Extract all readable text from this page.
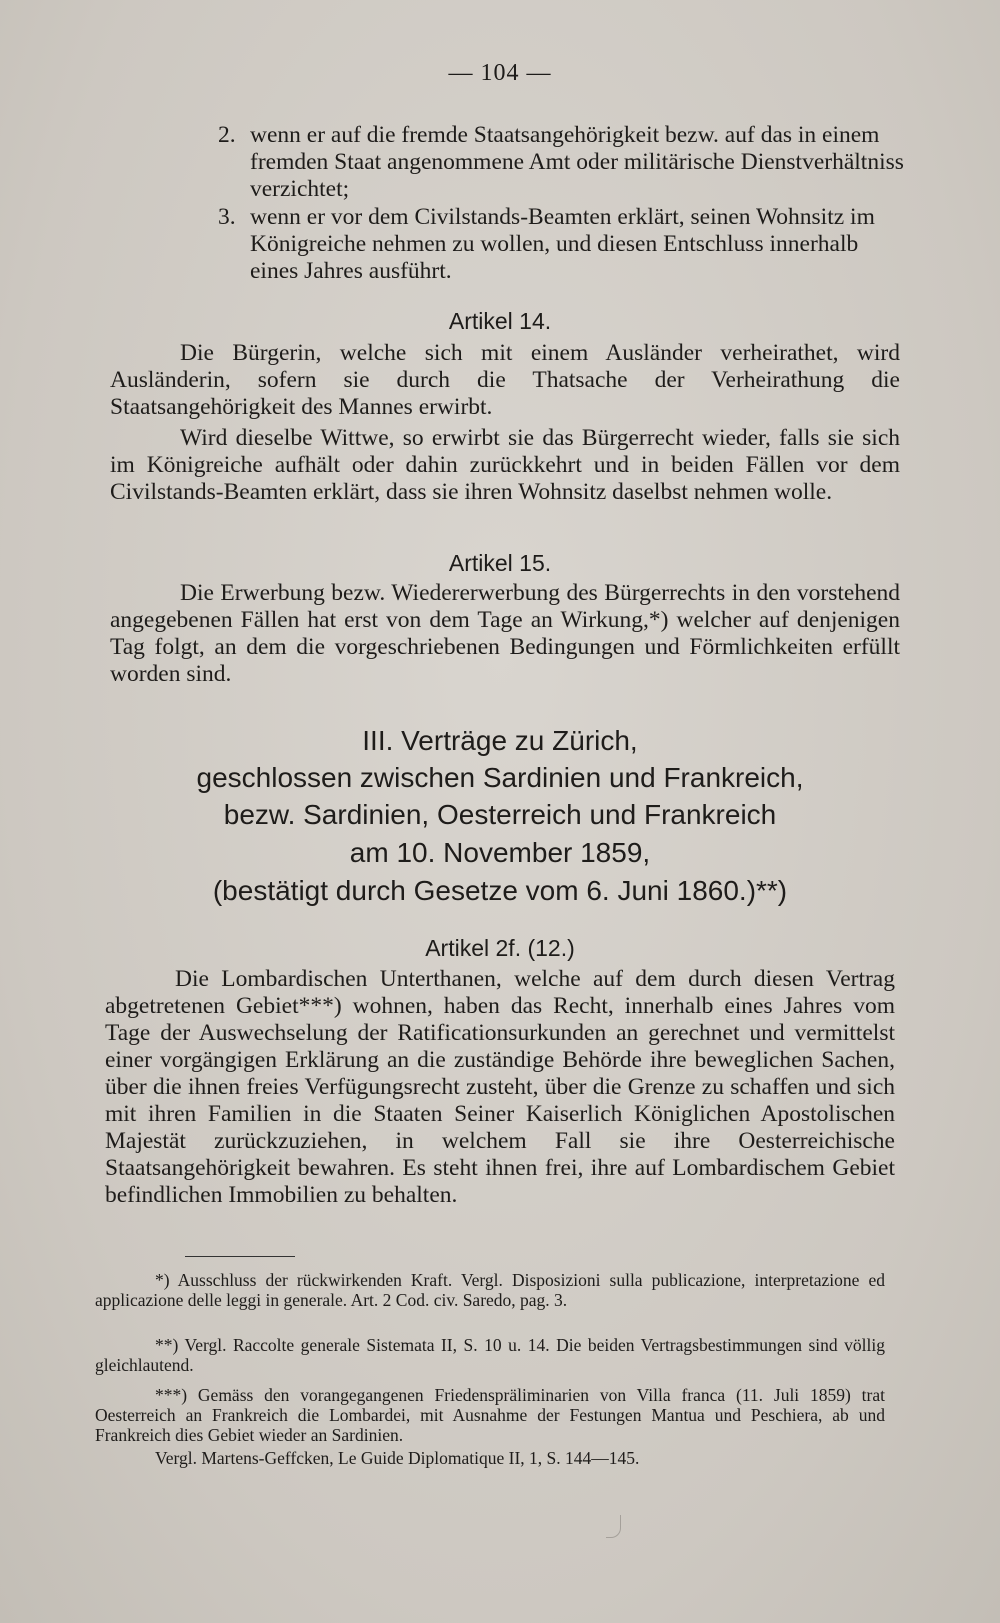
— 104 —
2. wenn er auf die fremde Staatsangehörigkeit bezw. auf das in einem fremden Staat angenommene Amt oder militärische Dienstverhältniss verzichtet;
3. wenn er vor dem Civilstands-Beamten erklärt, seinen Wohnsitz im Königreiche nehmen zu wollen, und diesen Entschluss innerhalb eines Jahres ausführt.
Artikel 14.

Die Bürgerin, welche sich mit einem Ausländer verheirathet, wird Ausländerin, sofern sie durch die Thatsache der Verheirathung die Staatsangehörigkeit des Mannes erwirbt.

Wird dieselbe Wittwe, so erwirbt sie das Bürgerrecht wieder, falls sie sich im Königreiche aufhält oder dahin zurückkehrt und in beiden Fällen vor dem Civilstands-Beamten erklärt, dass sie ihren Wohnsitz daselbst nehmen wolle.

Artikel 15.

Die Erwerbung bezw. Wiedererwerbung des Bürgerrechts in den vorstehend angegebenen Fällen hat erst von dem Tage an Wirkung,*) welcher auf denjenigen Tag folgt, an dem die vorgeschriebenen Bedingungen und Förmlichkeiten erfüllt worden sind.

III. Verträge zu Zürich,
geschlossen zwischen Sardinien und Frankreich,
bezw. Sardinien, Oesterreich und Frankreich
am 10. November 1859,
(bestätigt durch Gesetze vom 6. Juni 1860.)**)
Artikel 2f. (12.)

Die Lombardischen Unterthanen, welche auf dem durch diesen Vertrag abgetretenen Gebiet***) wohnen, haben das Recht, innerhalb eines Jahres vom Tage der Auswechselung der Ratificationsurkunden an gerechnet und vermittelst einer vorgängigen Erklärung an die zuständige Behörde ihre beweglichen Sachen, über die ihnen freies Verfügungsrecht zusteht, über die Grenze zu schaffen und sich mit ihren Familien in die Staaten Seiner Kaiserlich Königlichen Apostolischen Majestät zurückzuziehen, in welchem Fall sie ihre Oesterreichische Staatsangehörigkeit bewahren. Es steht ihnen frei, ihre auf Lombardischem Gebiet befindlichen Immobilien zu behalten.

*) Ausschluss der rückwirkenden Kraft. Vergl. Disposizioni sulla publicazione, interpretazione ed applicazione delle leggi in generale. Art. 2 Cod. civ. Saredo, pag. 3.

**) Vergl. Raccolte generale Sistemata II, S. 10 u. 14. Die beiden Vertragsbestimmungen sind völlig gleichlautend.

***) Gemäss den vorangegangenen Friedenspräliminarien von Villa franca (11. Juli 1859) trat Oesterreich an Frankreich die Lombardei, mit Ausnahme der Festungen Mantua und Peschiera, ab und Frankreich dies Gebiet wieder an Sardinien.

Vergl. Martens-Geffcken, Le Guide Diplomatique II, 1, S. 144—145.
